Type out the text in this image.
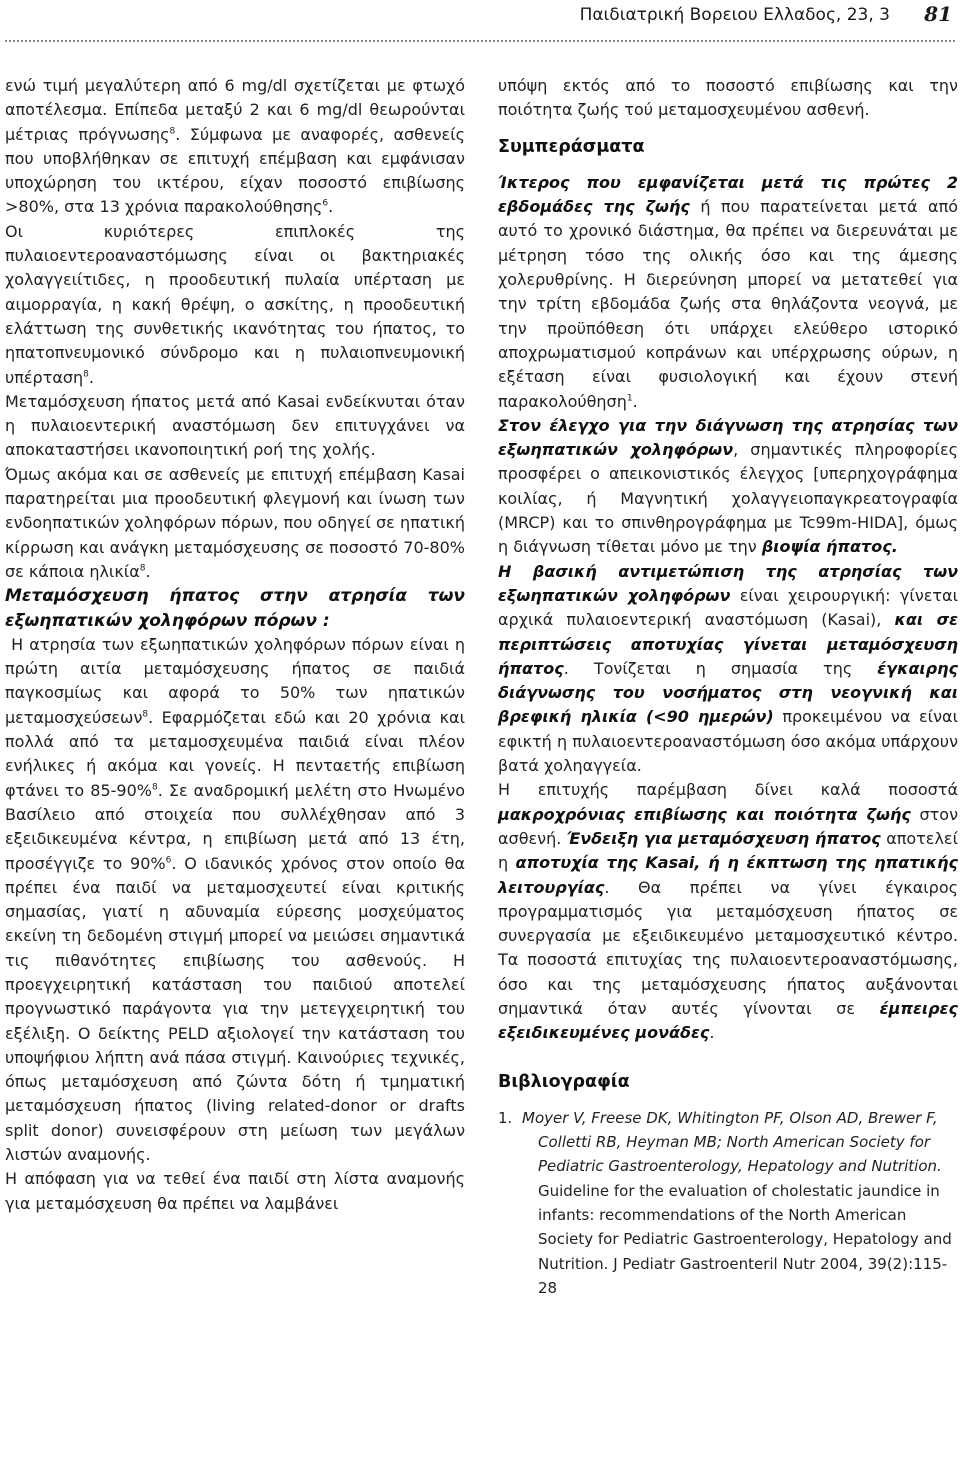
Παιδιατρική Βορειου Ελλαδος, 23, 3 81

ενώ τιμή μεγαλύτερη από 6 mg/dl σχετίζεται με φτωχό αποτέλεσμα. Επίπεδα μεταξύ 2 και 6 mg/dl θεωρούνται μέτριας πρόγνωσης$^8$. Σύμφωνα με αναφορές, ασθενείς που υποβλήθηκαν σε επιτυχή επέμβαση και εμφάνισαν υποχώρηση του ικτέρου, είχαν ποσοστό επιβίωσης >80%, στα 13 χρόνια παρακολούθησης$^6$.

Οι κυριότερες επιπλοκές της πυλαιοεντεροαναστόμωσης είναι οι βακτηριακές χολαγγειίτιδες, η προοδευτική πυλαία υπέρταση με αιμορραγία, η κακή θρέψη, ο ασκίτης, η προοδευτική ελάττωση της συνθετικής ικανότητας του ήπατος, το ηπατοπνευμονικό σύνδρομο και η πυλαιοπνευμονική υπέρταση$^8$.

Μεταμόσχευση ήπατος μετά από Kasai ενδείκνυται όταν η πυλαιοεντερική αναστόμωση δεν επιτυγχάνει να αποκαταστήσει ικανοποιητική ροή της χολής.

Όμως ακόμα και σε ασθενείς με επιτυχή επέμβαση Kasai παρατηρείται μια προοδευτική φλεγμονή και ίνωση των ενδοηπατικών χοληφόρων πόρων, που οδηγεί σε ηπατική κίρρωση και ανάγκη μεταμόσχευσης σε ποσοστό 70-80% σε κάποια ηλικία$^8$.

Μεταμόσχευση ήπατος στην ατρησία των εξωηπατικών χοληφόρων πόρων :

Η ατρησία των εξωηπατικών χοληφόρων πόρων είναι η πρώτη αιτία μεταμόσχευσης ήπατος σε παιδιά παγκοσμίως και αφορά το 50% των ηπατικών μεταμοσχεύσεων$^8$. Εφαρμόζεται εδώ και 20 χρόνια και πολλά από τα μεταμοσχευμένα παιδιά είναι πλέον ενήλικες ή ακόμα και γονείς. Η πενταετής επιβίωση φτάνει το 85-90%$^8$. Σε αναδρομική μελέτη στο Ηνωμένο Βασίλειο από στοιχεία που συλλέχθησαν από 3 εξειδικευμένα κέντρα, η επιβίωση μετά από 13 έτη, προσέγγιζε το 90%$^6$. Ο ιδανικός χρόνος στον οποίο θα πρέπει ένα παιδί να μεταμοσχευτεί είναι κριτικής σημασίας, γιατί η αδυναμία εύρεσης μοσχεύματος εκείνη τη δεδομένη στιγμή μπορεί να μειώσει σημαντικά τις πιθανότητες επιβίωσης του ασθενούς. Η προεγχειρητική κατάσταση του παιδιού αποτελεί προγνωστικό παράγοντα για την μετεγχειρητική του εξέλιξη. Ο δείκτης PELD αξιολογεί την κατάσταση του υποψήφιου λήπτη ανά πάσα στιγμή. Καινούριες τεχνικές, όπως μεταμόσχευση από ζώντα δότη ή τμηματική μεταμόσχευση ήπατος (living related-donor or drafts split donor) συνεισφέρουν στη μείωση των μεγάλων λιστών αναμονής.

Η απόφαση για να τεθεί ένα παιδί στη λίστα αναμονής για μεταμόσχευση θα πρέπει να λαμβάνει

υπόψη εκτός από το ποσοστό επιβίωσης και την ποιότητα ζωής τού μεταμοσχευμένου ασθενή.

Συμπεράσματα

Ίκτερος που εμφανίζεται μετά τις πρώτες 2 εβδομάδες της ζωής ή που παρατείνεται μετά από αυτό το χρονικό διάστημα, θα πρέπει να διερευνάται με μέτρηση τόσο της ολικής όσο και της άμεσης χολερυθρίνης. Η διερεύνηση μπορεί να μετατεθεί για την τρίτη εβδομάδα ζωής στα θηλάζοντα νεογνά, με την προϋπόθεση ότι υπάρχει ελεύθερο ιστορικό αποχρωματισμού κοπράνων και υπέρχρωσης ούρων, η εξέταση είναι φυσιολογική και έχουν στενή παρακολούθηση$^1$.

Στον έλεγχο για την διάγνωση της ατρησίας των εξωηπατικών χοληφόρων, σημαντικές πληροφορίες προσφέρει ο απεικονιστικός έλεγχος [υπερηχογράφημα κοιλίας, ή Μαγνητική χολαγγειοπαγκρεατογραφία (MRCP) και το σπινθηρογράφημα με Tc99m-HIDA], όμως η διάγνωση τίθεται μόνο με την βιοψία ήπατος.

Η βασική αντιμετώπιση της ατρησίας των εξωηπατικών χοληφόρων είναι χειρουργική: γίνεται αρχικά πυλαιοεντερική αναστόμωση (Kasai), και σε περιπτώσεις αποτυχίας γίνεται μεταμόσχευση ήπατος. Τονίζεται η σημασία της έγκαιρης διάγνωσης του νοσήματος στη νεογνική και βρεφική ηλικία (<90 ημερών) προκειμένου να είναι εφικτή η πυλαιοεντεροαναστόμωση όσο ακόμα υπάρχουν βατά χοληαγγεία.

Η επιτυχής παρέμβαση δίνει καλά ποσοστά μακροχρόνιας επιβίωσης και ποιότητα ζωής στον ασθενή. Ένδειξη για μεταμόσχευση ήπατος αποτελεί η αποτυχία της Kasai, ή η έκπτωση της ηπατικής λειτουργίας. Θα πρέπει να γίνει έγκαιρος προγραμματισμός για μεταμόσχευση ήπατος σε συνεργασία με εξειδικευμένο μεταμοσχευτικό κέντρο. Τα ποσοστά επιτυχίας της πυλαιοεντεροαναστόμωσης, όσο και της μεταμόσχευσης ήπατος αυξάνονται σημαντικά όταν αυτές γίνονται σε έμπειρες εξειδικευμένες μονάδες.

Βιβλιογραφία

1. Moyer V, Freese DK, Whitington PF, Olson AD, Brewer F, Colletti RB, Heyman MB; North American Society for Pediatric Gastroenterology, Hepatology and Nutrition. Guideline for the evaluation of cholestatic jaundice in infants: recommendations of the North American Society for Pediatric Gastroenterology, Hepatology and Nutrition. J Pediatr Gastroenteril Nutr 2004, 39(2):115-28
